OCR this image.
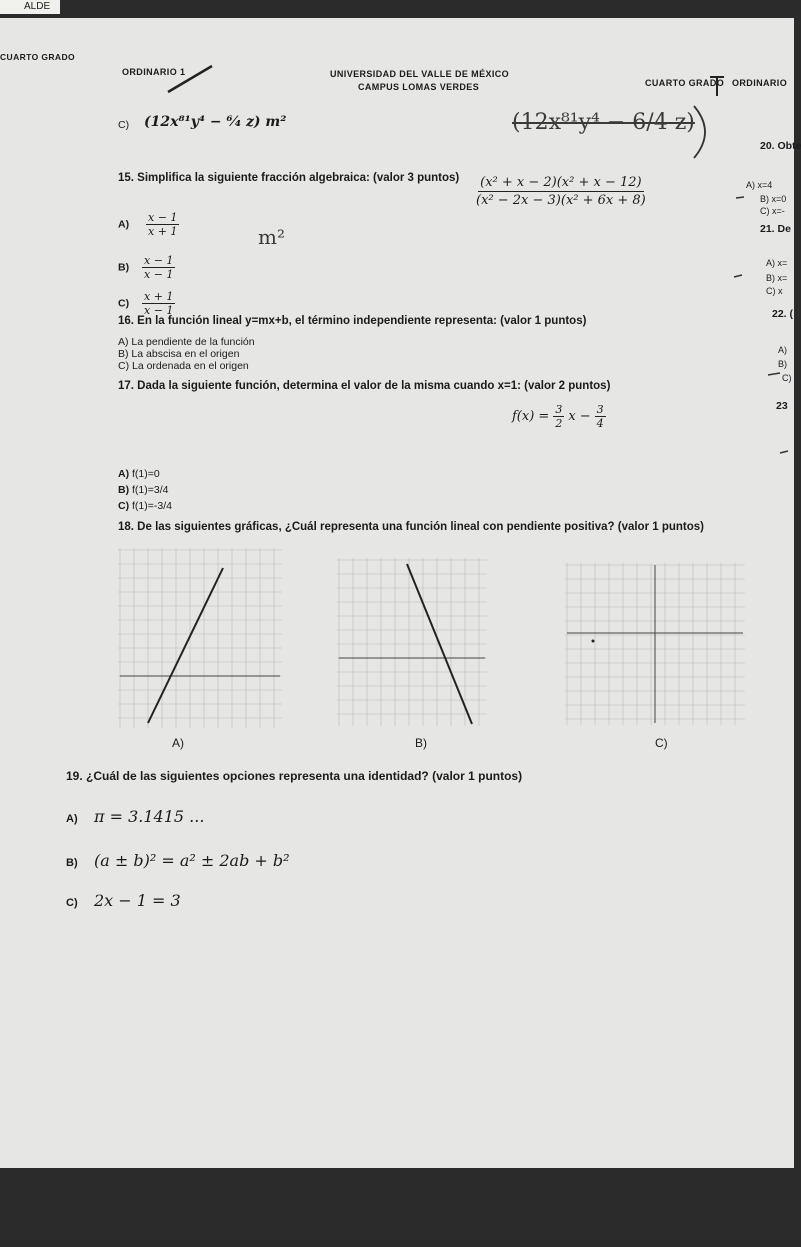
CUARTO GRADO
ORDINARIO 1	UNIVERSIDAD DEL VALLE DE MÉXICO
CAMPUS LOMAS VERDES	CUARTO GRADO ORDINARIO
C) (12x⁸¹y⁴ − ⁶⁄₄ z) m²	(12x⁸¹y⁴ − 6/4 z)
m²
15. Simplifica la siguiente fracción algebraica: (valor 3 puntos) $\frac{\text{(x² + x − 2)(x² + x − 12)}}{\text{(x² − 2x − 3)(x² + 6x + 8)}}$
$A) \frac{x - 1}{x + 1}$
$B) \frac{x - 1}{x - 1}$
$C) \frac{x + 1}{x - 1}$
16. En la función lineal y=mx+b, el término independiente representa: (valor 1 puntos)
A) La pendiente de la función
B) La abscisa en el origen
C) La ordenada en el origen
17. Dada la siguiente función, determina el valor de la misma cuando x=1: (valor 2 puntos)
$f(x) = \frac{3}{2}$ $x - \frac{3}{4}$
A) f(1)=0
B) f(1)=3/4
C) f(1)=-3/4
18. De las siguientes gráficas, ¿Cuál representa una función lineal con pendiente positiva? (valor 1 puntos)
A)	B)	C)
19. ¿Cuál de las siguientes opciones representa una identidad? (valor 1 puntos)
A) π = 3.1415 ...
B) (a ± b)² = a² ± 2ab + b²
C) 2x − 1 = 3
20. Obte
A) x=4
B) x=0
C) x=-
21. De
A) x=
B) x=
C) x
22. (
A)
B)
C)
23
ALDE
